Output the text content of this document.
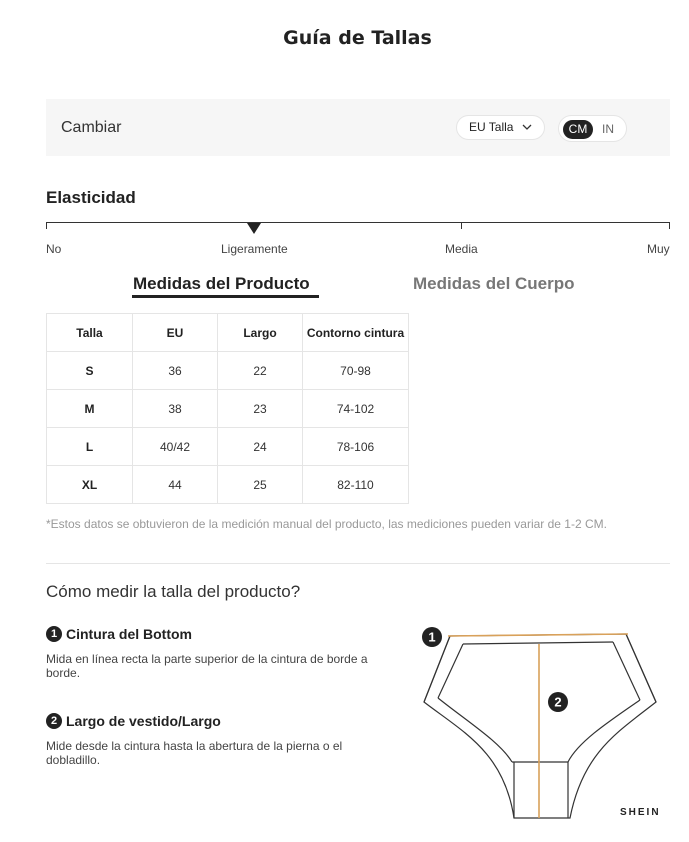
Guía de Tallas
Cambiar	EU Talla	CM	IN
Elasticidad
No	Ligeramente	Media	Muy
Medidas del Producto	Medidas del Cuerpo
Talla	EU	Largo	Contorno cintura
S	36	22	70-98
M	38	23	74-102
L	40/42	24	78-106
XL	44	25	82-110
*Estos datos se obtuvieron de la medición manual del producto, las mediciones pueden variar de 1-2 CM.
Cómo medir la talla del producto?
1 Cintura del Bottom
Mida en línea recta la parte superior de la cintura de borde a borde.
2 Largo de vestido/Largo
Mide desde la cintura hasta la abertura de la pierna o el dobladillo.
1
2
SHEIN
